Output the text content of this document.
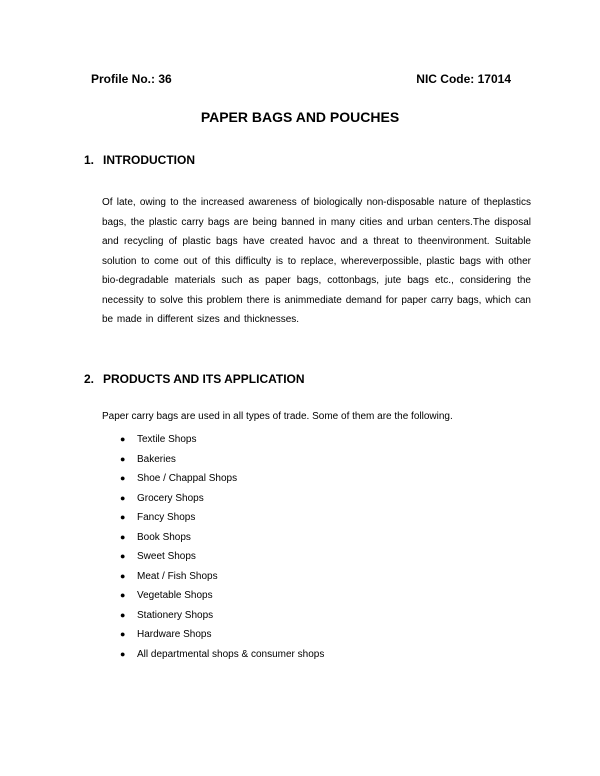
Profile No.: 36	NIC Code: 17014
PAPER BAGS AND POUCHES
1. INTRODUCTION
Of late, owing to the increased awareness of biologically non-disposable nature of theplastics bags, the plastic carry bags are being banned in many cities and urban centers.The disposal and recycling of plastic bags have created havoc and a threat to theenvironment. Suitable solution to come out of this difficulty is to replace, whereverpossible, plastic bags with other bio-degradable materials such as paper bags, cottonbags, jute bags etc., considering the necessity to solve this problem there is animmediate demand for paper carry bags, which can be made in different sizes and thicknesses.
2. PRODUCTS AND ITS APPLICATION
Paper carry bags are used in all types of trade. Some of them are the following.
● Textile Shops
● Bakeries
● Shoe / Chappal Shops
● Grocery Shops
● Fancy Shops
● Book Shops
● Sweet Shops
● Meat / Fish Shops
● Vegetable Shops
● Stationery Shops
● Hardware Shops
● All departmental shops & consumer shops
